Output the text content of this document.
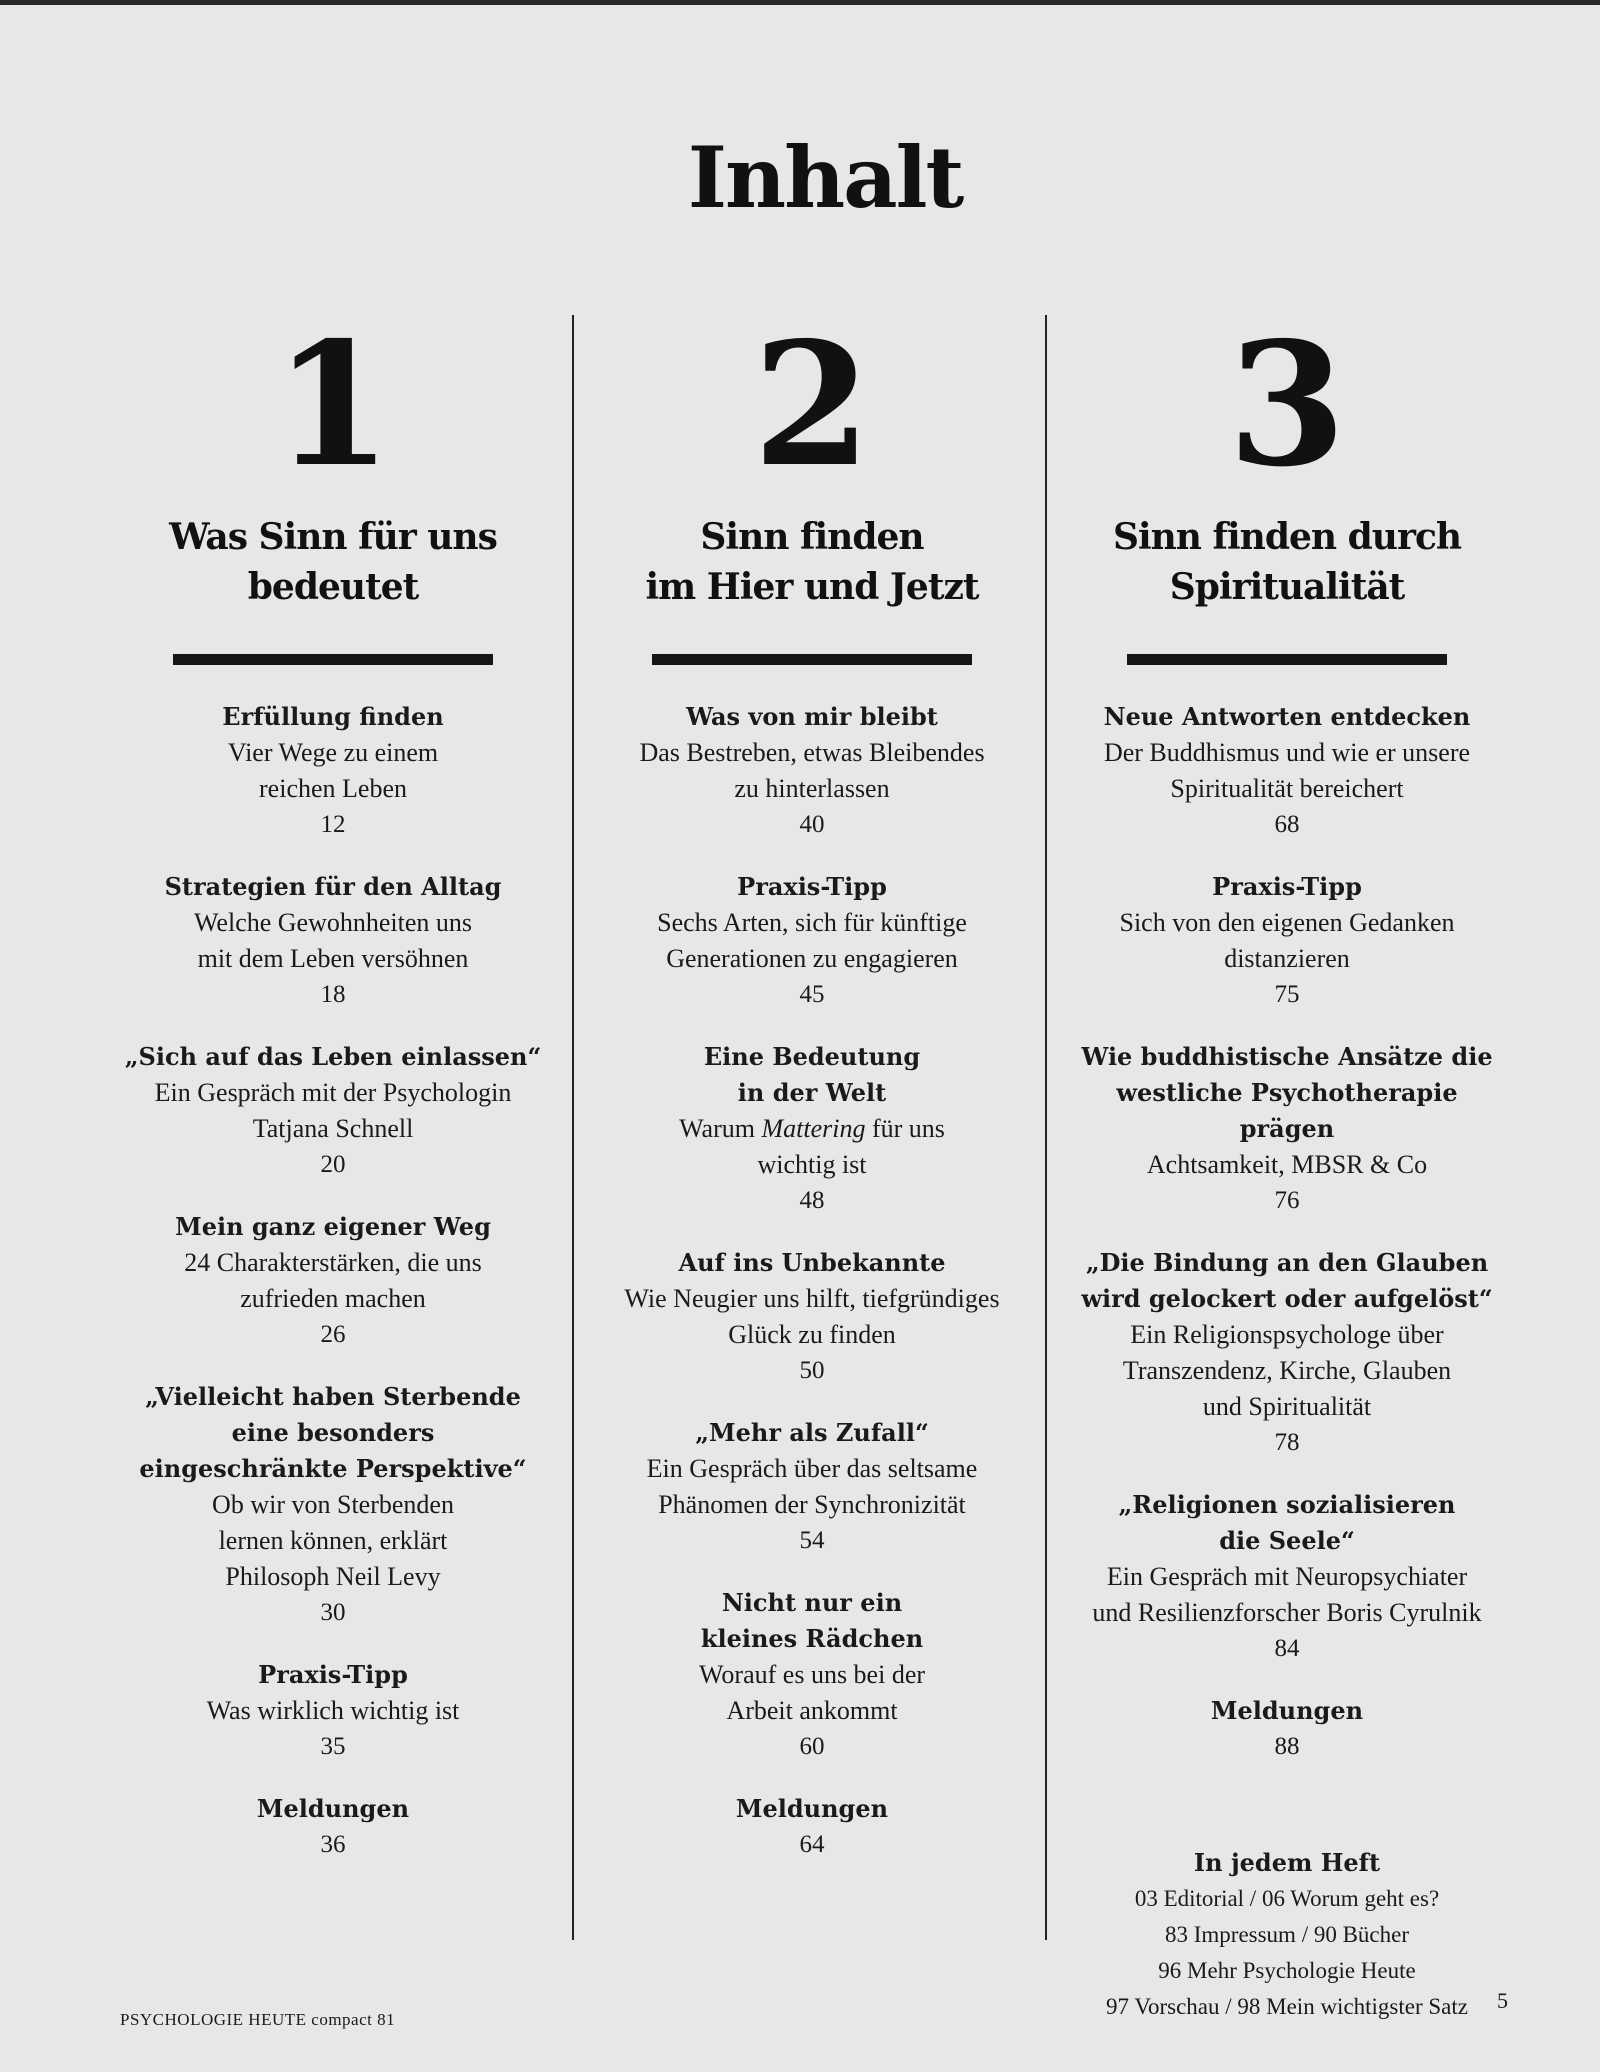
Inhalt
1
Was Sinn für uns
bedeutet
Erfüllung finden
Vier Wege zu einem
reichen Leben
12
Strategien für den Alltag
Welche Gewohnheiten uns
mit dem Leben versöhnen
18
„Sich auf das Leben einlassen“
Ein Gespräch mit der Psychologin
Tatjana Schnell
20
Mein ganz eigener Weg
24 Charakterstärken, die uns
zufrieden machen
26
„Vielleicht haben Sterbende
eine besonders
eingeschränkte Perspektive“
Ob wir von Sterbenden
lernen können, erklärt
Philosoph Neil Levy
30
Praxis-Tipp
Was wirklich wichtig ist
35
Meldungen
36
2
Sinn finden
im Hier und Jetzt
Was von mir bleibt
Das Bestreben, etwas Bleibendes
zu hinterlassen
40
Praxis-Tipp
Sechs Arten, sich für künftige
Generationen zu engagieren
45
Eine Bedeutung
in der Welt
Warum Mattering für uns
wichtig ist
48
Auf ins Unbekannte
Wie Neugier uns hilft, tiefgründiges
Glück zu finden
50
„Mehr als Zufall“
Ein Gespräch über das seltsame
Phänomen der Synchronizität
54
Nicht nur ein
kleines Rädchen
Worauf es uns bei der
Arbeit ankommt
60
Meldungen
64
3
Sinn finden durch
Spiritualität
Neue Antworten entdecken
Der Buddhismus und wie er unsere
Spiritualität bereichert
68
Praxis-Tipp
Sich von den eigenen Gedanken
distanzieren
75
Wie buddhistische Ansätze die
westliche Psychotherapie prägen
Achtsamkeit, MBSR & Co
76
„Die Bindung an den Glauben
wird gelockert oder aufgelöst“
Ein Religionspsychologe über
Transzendenz, Kirche, Glauben
und Spiritualität
78
„Religionen sozialisieren
die Seele“
Ein Gespräch mit Neuropsychiater
und Resilienzforscher Boris Cyrulnik
84
Meldungen
88
In jedem Heft
03 Editorial / 06 Worum geht es?
83 Impressum / 90 Bücher
96 Mehr Psychologie Heute
97 Vorschau / 98 Mein wichtigster Satz
PSYCHOLOGIE HEUTE compact 81
5
